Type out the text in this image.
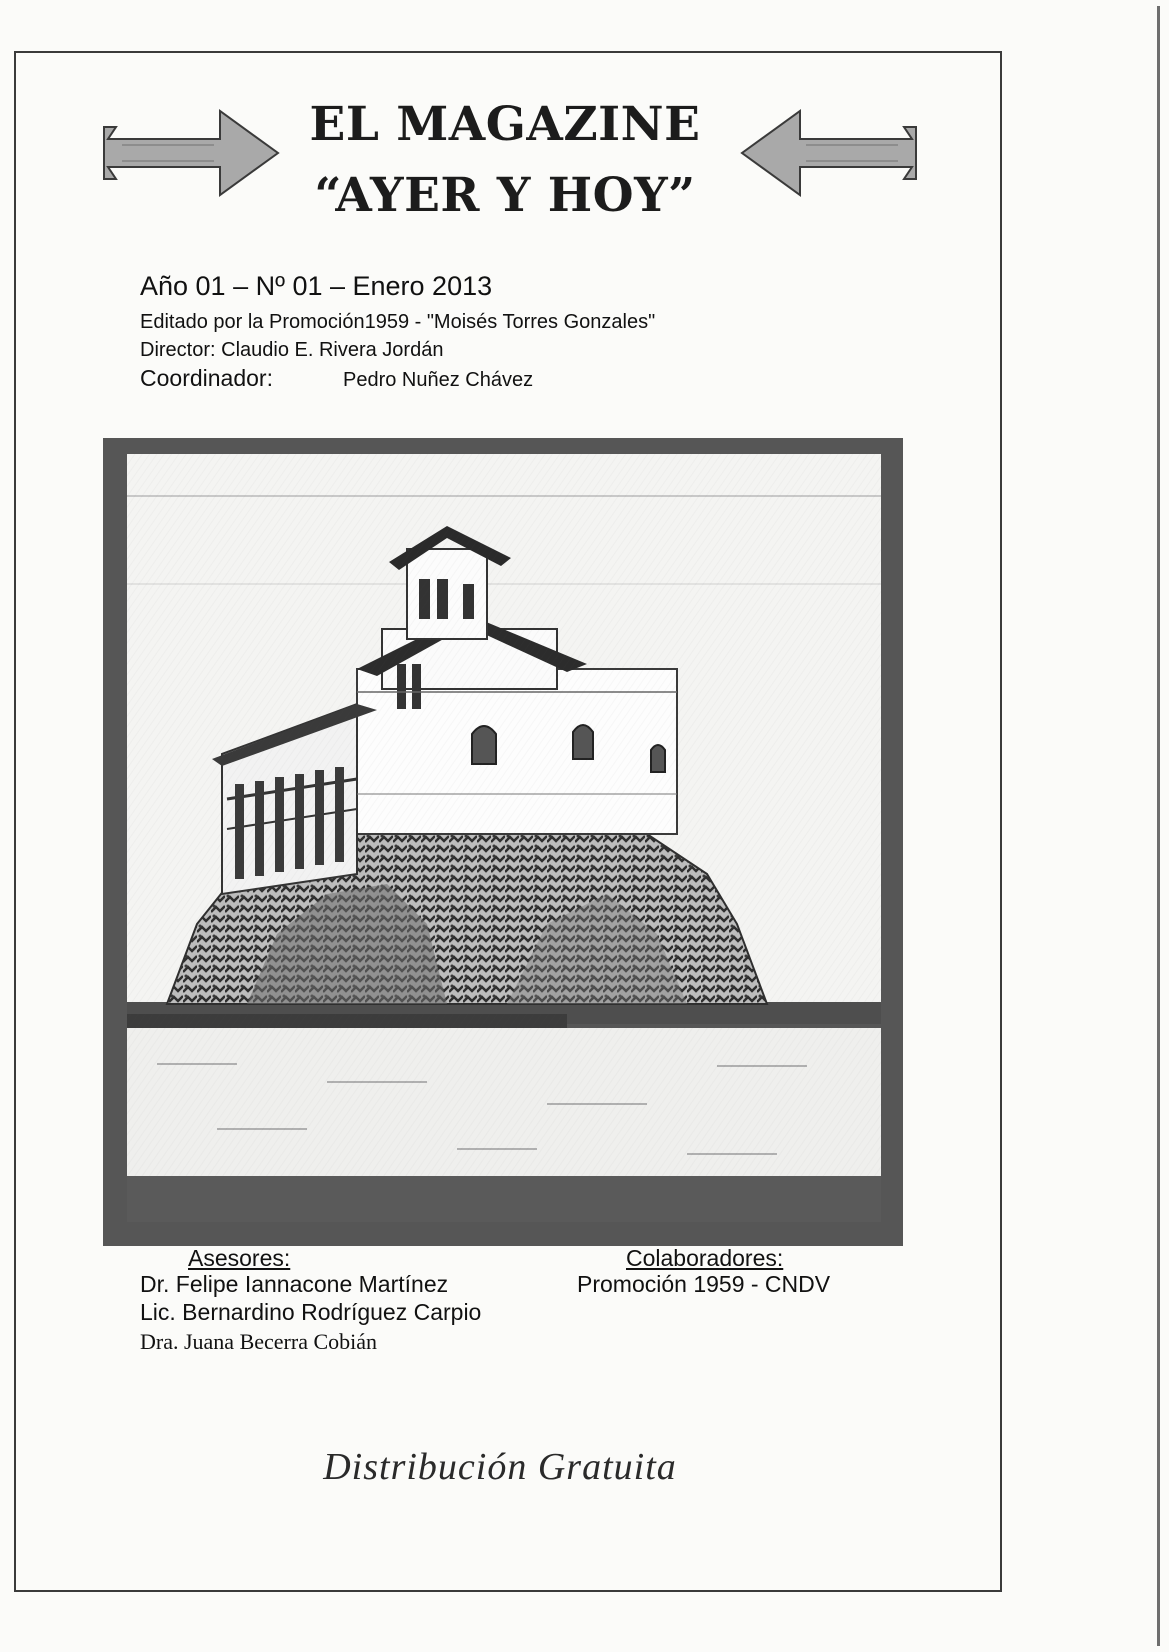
EL MAGAZINE
“AYER Y HOY”
Año 01 – Nº 01 – Enero 2013
Editado por la Promoción1959 - "Moisés Torres Gonzales"
Director: Claudio E. Rivera Jordán
Coordinador:	Pedro Nuñez Chávez
Asesores:
Dr. Felipe Iannacone Martínez
Lic. Bernardino Rodríguez Carpio
Dra. Juana Becerra Cobián
Colaboradores:
Promoción 1959 - CNDV
Distribución Gratuita
